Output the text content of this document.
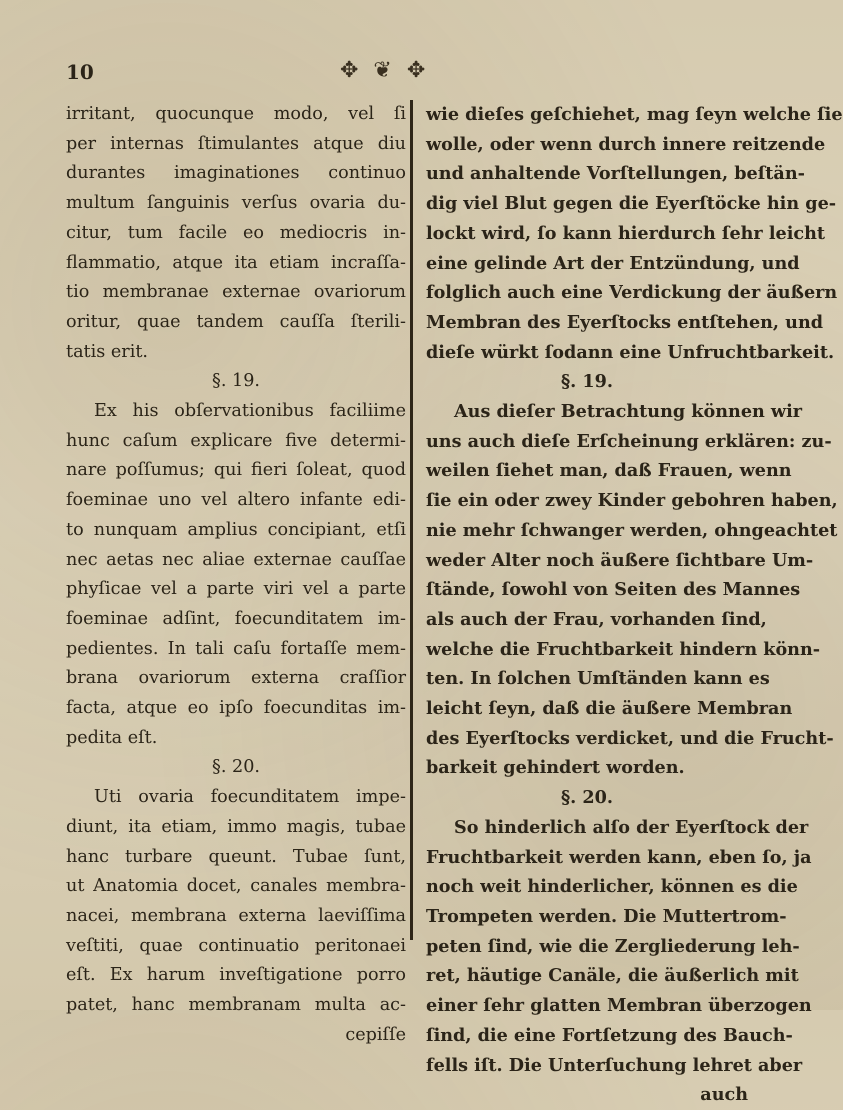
10	✥ ❦ ✥
irritant, quocunque modo, vel ſi
per internas ſtimulantes atque diu
durantes imaginationes continuo
multum ſanguinis verſus ovaria du-
citur, tum facile eo mediocris in-
flammatio, atque ita etiam incraſſa-
tio membranae externae ovariorum
oritur, quae tandem cauſſa ſterili-
tatis erit.
§. 19.
Ex his obſervationibus faciliime
hunc caſum explicare five determi-
nare poſſumus; qui fieri ſoleat, quod
foeminae uno vel altero infante edi-
to nunquam amplius concipiant, etſi
nec aetas nec aliae externae cauſſae
phyſicae vel a parte viri vel a parte
foeminae adſint, foecunditatem im-
pedientes. In tali caſu fortaſſe mem-
brana ovariorum externa craſſior
facta, atque eo ipſo foecunditas im-
pedita eſt.
§. 20.
Uti ovaria foecunditatem impe-
diunt, ita etiam, immo magis, tubae
hanc turbare queunt. Tubae ſunt,
ut Anatomia docet, canales membra-
nacei, membrana externa laeviſſima
veſtiti, quae continuatio peritonaei
eſt. Ex harum inveſtigatione porro
patet, hanc membranam multa ac-
cepiſſe
wie dieſes geſchiehet, mag ſeyn welche ſie
wolle, oder wenn durch innere reitzende
und anhaltende Vorſtellungen, beſtän-
dig viel Blut gegen die Eyerſtöcke hin ge-
lockt wird, ſo kann hierdurch ſehr leicht
eine gelinde Art der Entzündung, und
folglich auch eine Verdickung der äußern
Membran des Eyerſtocks entſtehen, und
dieſe würkt ſodann eine Unfruchtbarkeit.
§. 19.
Aus dieſer Betrachtung können wir
uns auch dieſe Erſcheinung erklären: zu-
weilen ſiehet man, daß Frauen, wenn
ſie ein oder zwey Kinder gebohren haben,
nie mehr ſchwanger werden, ohngeachtet
weder Alter noch äußere ſichtbare Um-
ſtände, ſowohl von Seiten des Mannes
als auch der Frau, vorhanden ſind,
welche die Fruchtbarkeit hindern könn-
ten. In ſolchen Umſtänden kann es
leicht ſeyn, daß die äußere Membran
des Eyerſtocks verdicket, und die Frucht-
barkeit gehindert worden.
§. 20.
So hinderlich alſo der Eyerſtock der
Fruchtbarkeit werden kann, eben ſo, ja
noch weit hinderlicher, können es die
Trompeten werden. Die Muttertrom-
peten ſind, wie die Zergliederung leh-
ret, häutige Canäle, die äußerlich mit
einer ſehr glatten Membran überzogen
ſind, die eine Fortſetzung des Bauch-
fells iſt. Die Unterſuchung lehret aber
auch
